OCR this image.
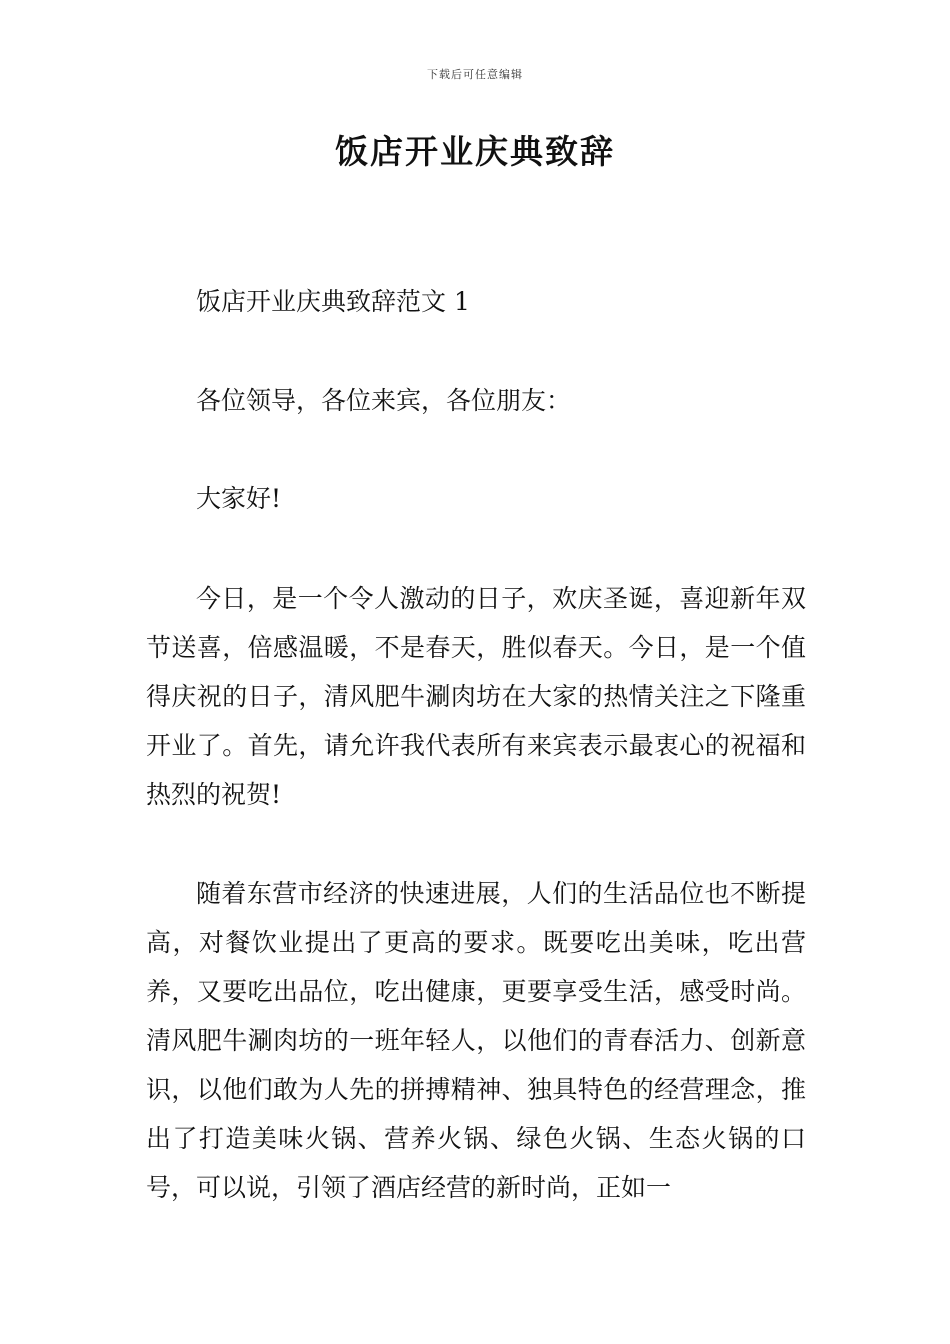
下载后可任意编辑
饭店开业庆典致辞

饭店开业庆典致辞范文 1

各位领导，各位来宾，各位朋友：

大家好!

今日，是一个令人激动的日子，欢庆圣诞，喜迎新年双节送喜，倍感温暖，不是春天，胜似春天。今日，是一个值得庆祝的日子，清风肥牛涮肉坊在大家的热情关注之下隆重开业了。首先，请允许我代表所有来宾表示最衷心的祝福和热烈的祝贺!

随着东营市经济的快速进展，人们的生活品位也不断提高，对餐饮业提出了更高的要求。既要吃出美味，吃出营养，又要吃出品位，吃出健康，更要享受生活，感受时尚。清风肥牛涮肉坊的一班年轻人，以他们的青春活力、创新意识，以他们敢为人先的拼搏精神、独具特色的经营理念，推出了打造美味火锅、营养火锅、绿色火锅、生态火锅的口号，可以说，引领了酒店经营的新时尚，正如一
